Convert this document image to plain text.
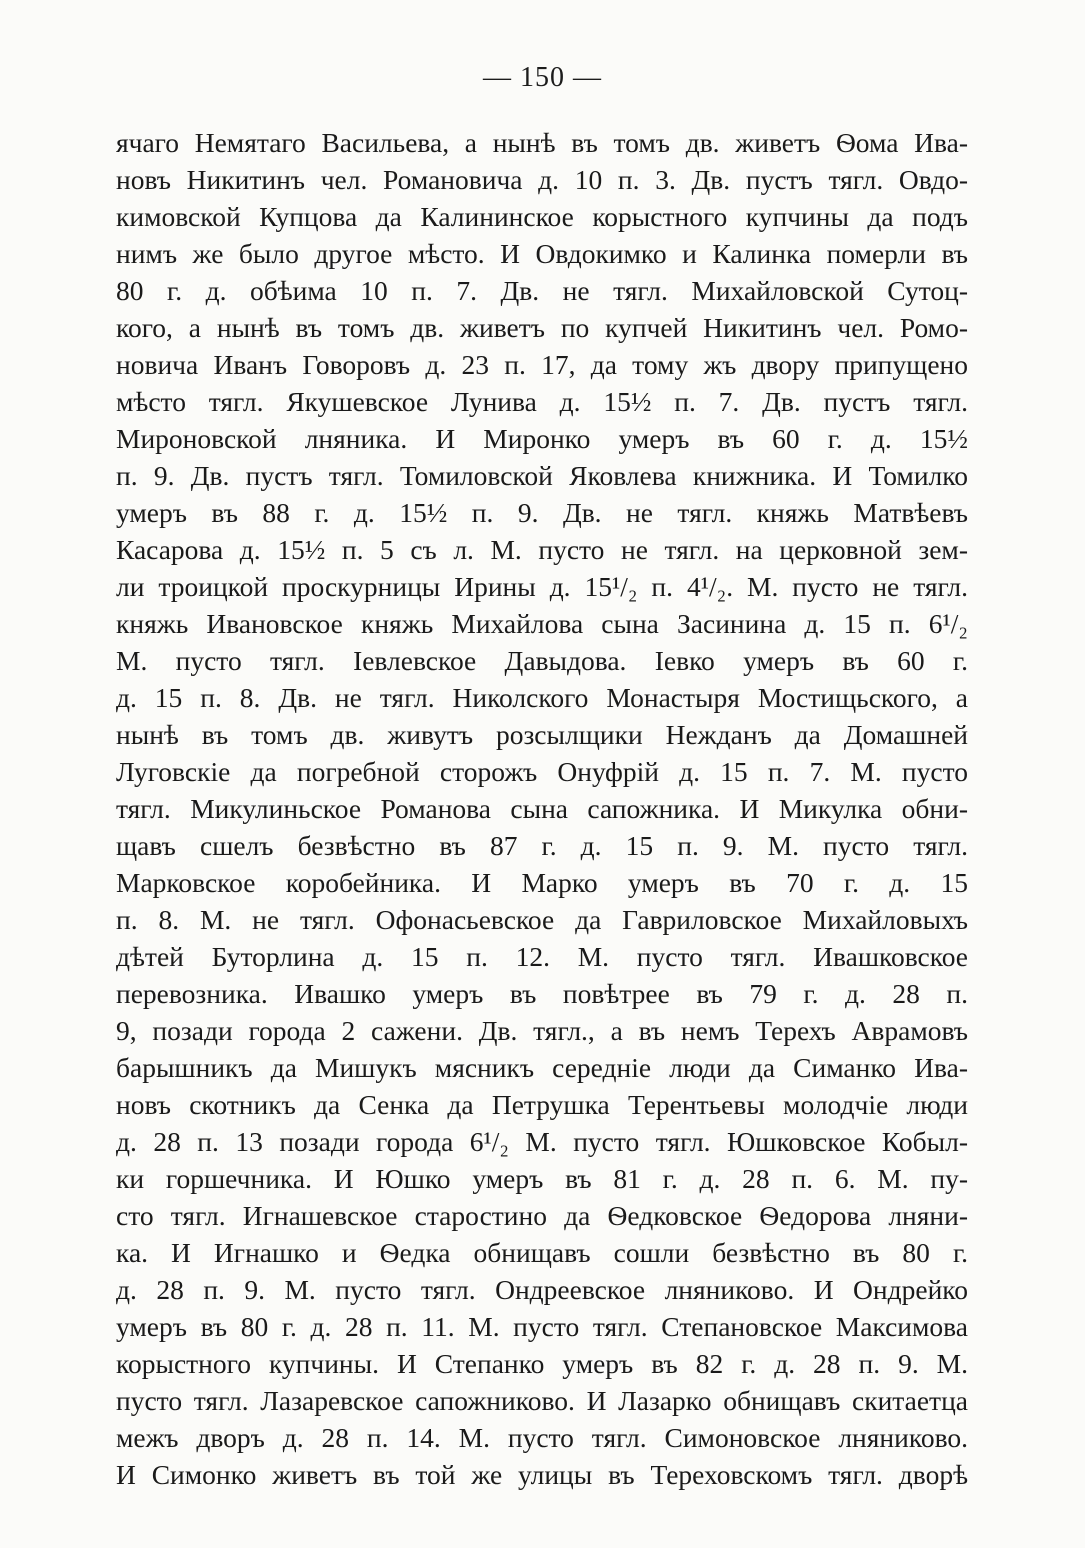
— 150 —
ячаго Немятаго Васильева, а нынѣ въ томъ дв. живетъ Ѳома Ива-
новъ Никитинъ чел. Романовича д. 10 п. 3. Дв. пустъ тягл. Овдо-
кимовской Купцова да Калининское корыстного купчины да подъ
нимъ же было другое мѣсто. И Овдокимко и Калинка померли въ
80 г. д. обѣима 10 п. 7. Дв. не тягл. Михайловской Сутоц-
кого, а нынѣ въ томъ дв. живетъ по купчей Никитинъ чел. Ромо-
новича Иванъ Говоровъ д. 23 п. 17, да тому жъ двору припущено
мѣсто тягл. Якушевское Лунива д. 15½ п. 7. Дв. пустъ тягл.
Мироновской лняника. И Миронко умеръ въ 60 г. д. 15½
п. 9. Дв. пустъ тягл. Томиловской Яковлева книжника. И Томилко
умеръ въ 88 г. д. 15½ п. 9. Дв. не тягл. княжь Матвѣевъ
Касарова д. 15½ п. 5 съ л. М. пусто не тягл. на церковной зем-
ли троицкой проскурницы Ирины д. 15¹/₂ п. 4¹/₂. М. пусто не тягл.
княжь Ивановское княжь Михайлова сына Засинина д. 15 п. 6¹/₂
М. пусто тягл. Іевлевское Давыдова. Іевко умеръ въ 60 г.
д. 15 п. 8. Дв. не тягл. Николского Монастыря Мостищьского, а
нынѣ въ томъ дв. живутъ розсылщики Нежданъ да Домашней
Луговскіе да погребной сторожъ Онуфрій д. 15 п. 7. М. пусто
тягл. Микулиньское Романова сына сапожника. И Микулка обни-
щавъ сшелъ безвѣстно въ 87 г. д. 15 п. 9. М. пусто тягл.
Марковское коробейника. И Марко умеръ въ 70 г. д. 15
п. 8. М. не тягл. Офонасьевское да Гавриловское Михайловыхъ
дѣтей Буторлина д. 15 п. 12. М. пусто тягл. Ивашковское
перевозника. Ивашко умеръ въ повѣтрее въ 79 г. д. 28 п.
9, позади города 2 сажени. Дв. тягл., а въ немъ Терехъ Аврамовъ
барышникъ да Мишукъ мясникъ середніе люди да Симанко Ива-
новъ скотникъ да Сенка да Петрушка Терентьевы молодчіе люди
д. 28 п. 13 позади города 6¹/₂ М. пусто тягл. Юшковское Кобыл-
ки горшечника. И Юшко умеръ въ 81 г. д. 28 п. 6. М. пу-
сто тягл. Игнашевское старостино да Ѳедковское Ѳедорова лняни-
ка. И Игнашко и Ѳедка обнищавъ сошли безвѣстно въ 80 г.
д. 28 п. 9. М. пусто тягл. Ондреевское лняниково. И Ондрейко
умеръ въ 80 г. д. 28 п. 11. М. пусто тягл. Степановское Максимова
корыстного купчины. И Степанко умеръ въ 82 г. д. 28 п. 9. М.
пусто тягл. Лазаревское сапожниково. И Лазарко обнищавъ скитаетца
межъ дворъ д. 28 п. 14. М. пусто тягл. Симоновское лняниково.
И Симонко живетъ въ той же улицы въ Тереховскомъ тягл. дворѣ
